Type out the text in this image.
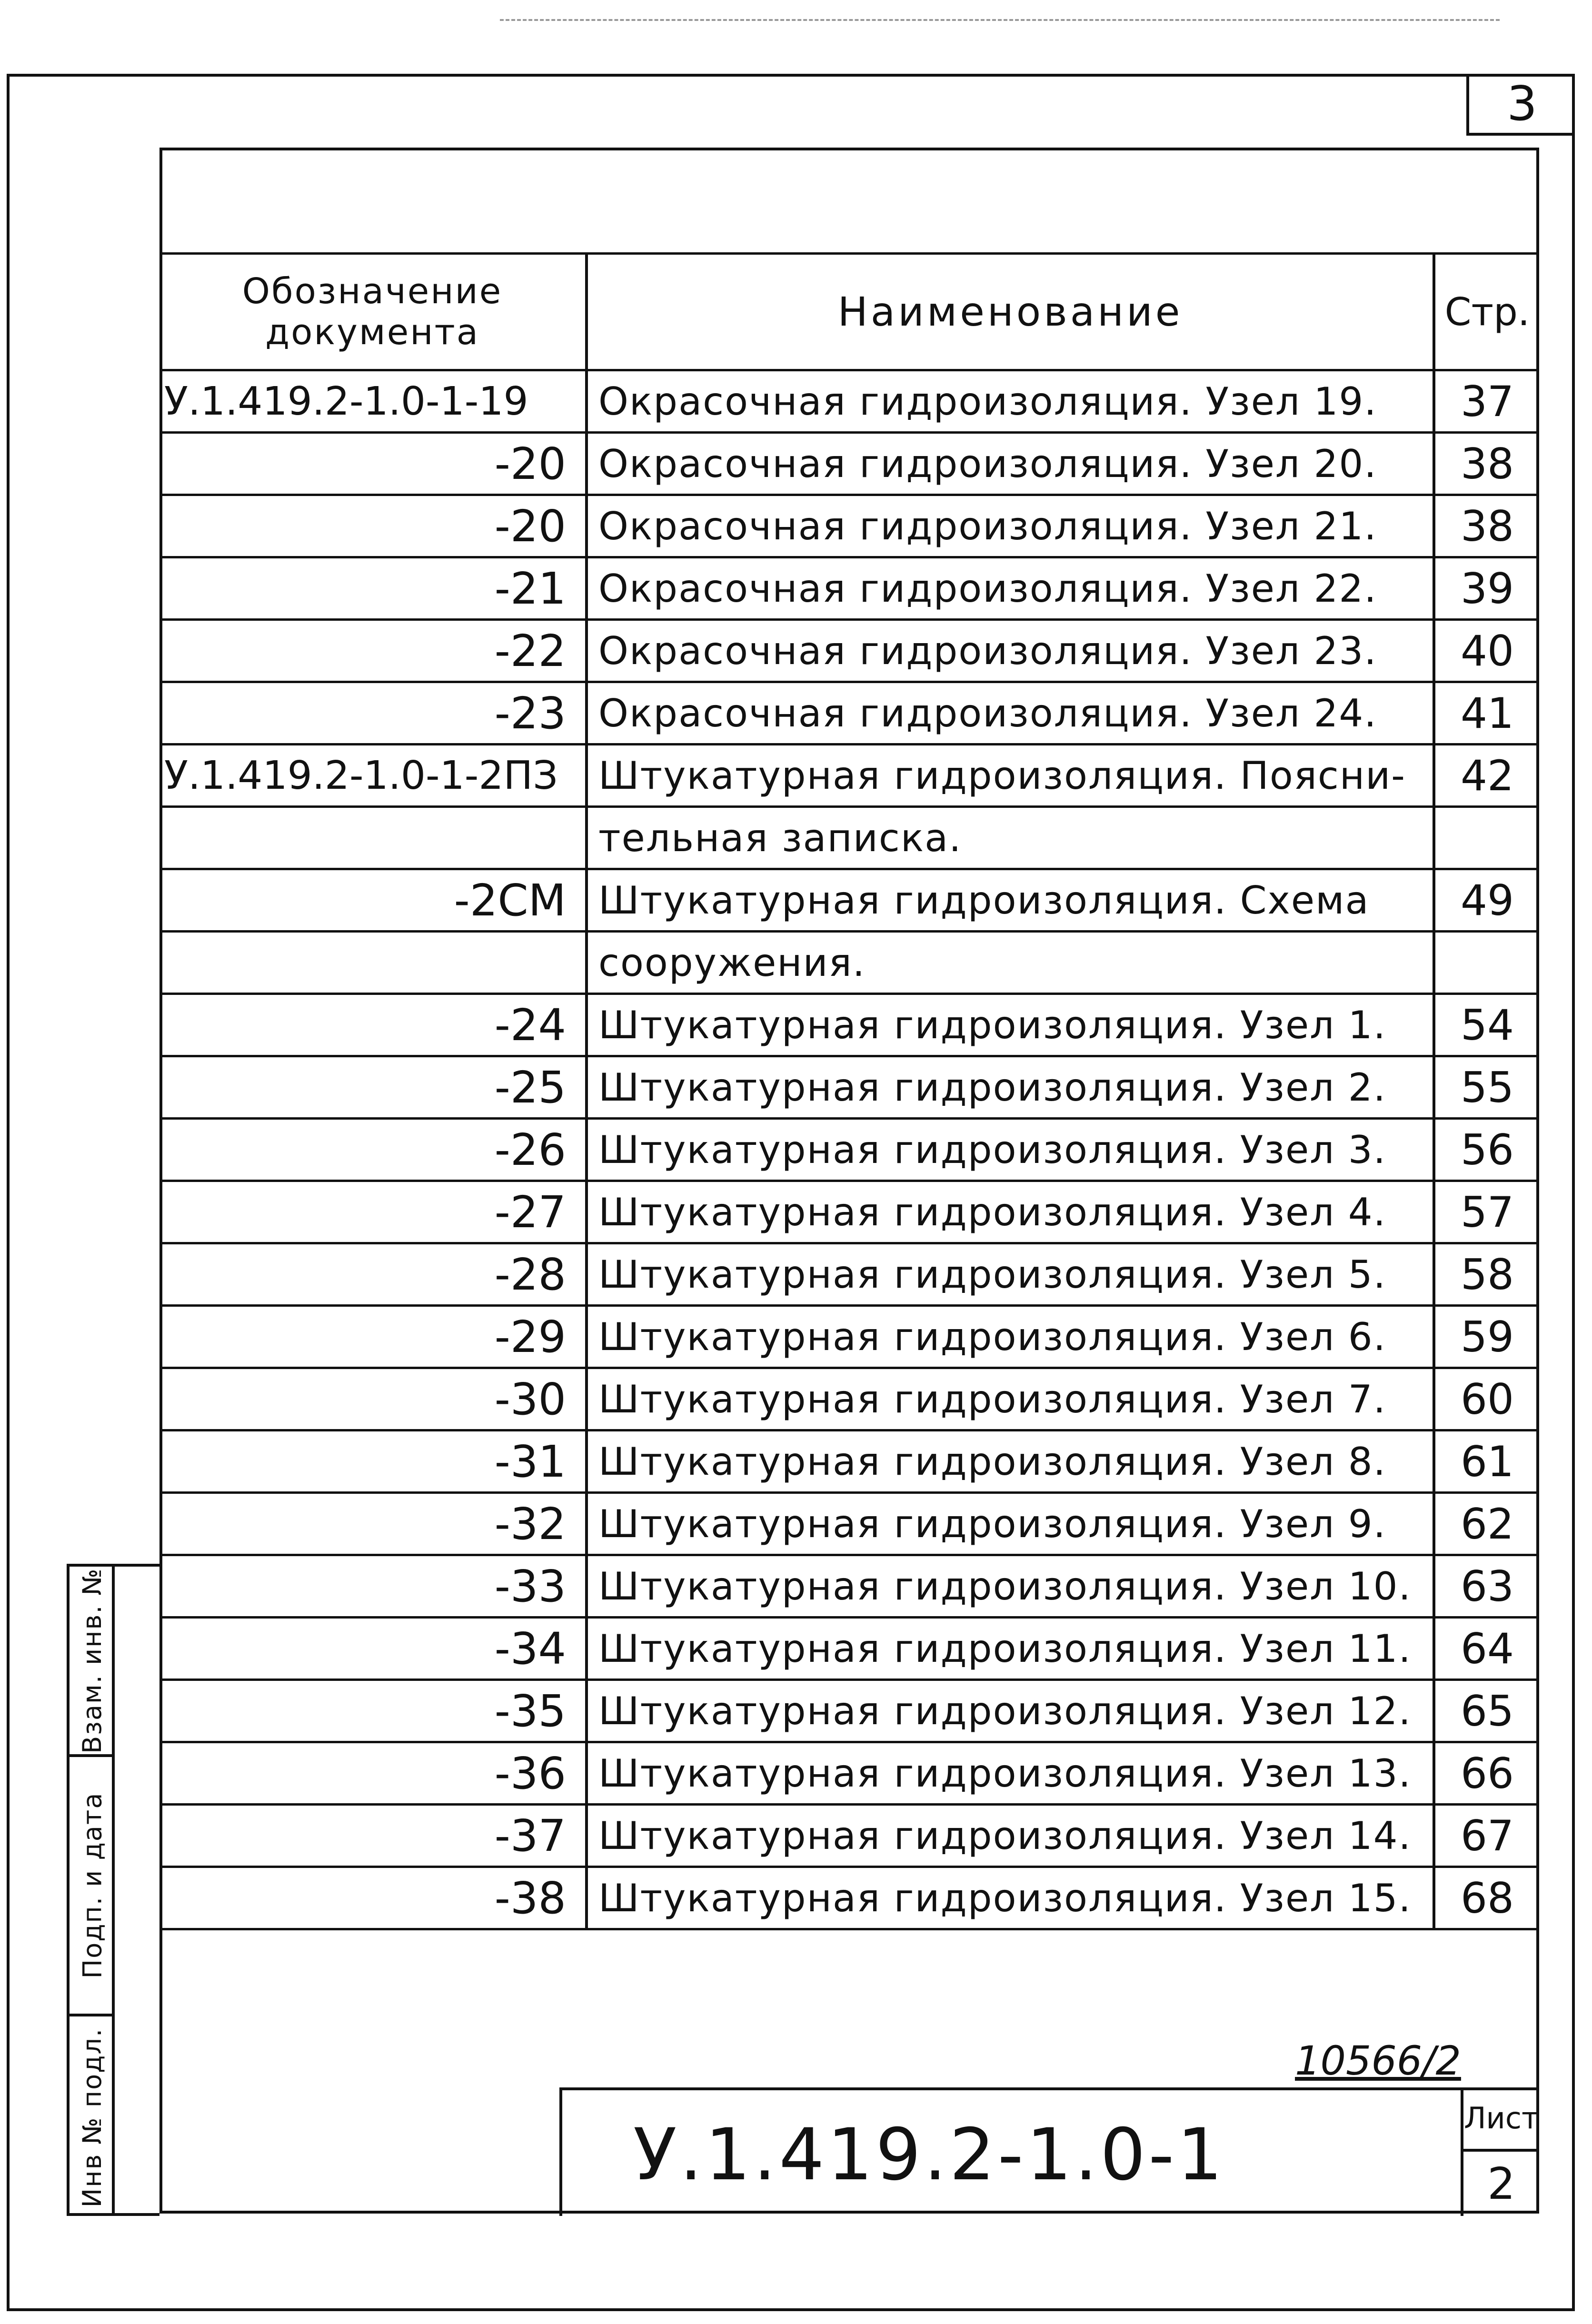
3
Обозначение
документа	Наименование	Стр.
У.1.419.2-1.0-1-19	Окрасочная гидроизоляция. Узел 19.	37
-20 Окрасочная гидроизоляция. Узел 20.	38
-20 Окрасочная гидроизоляция. Узел 21.	38
-21 Окрасочная гидроизоляция. Узел 22.	39
-22 Окрасочная гидроизоляция. Узел 23.	40
-23 Окрасочная гидроизоляция. Узел 24.	41
У.1.419.2-1.0-1-2ПЗ	Штукатурная гидроизоляция. Поясни-	42
тельная записка.
-2СМ Штукатурная гидроизоляция. Схема	49
сооружения.
-24 Штукатурная гидроизоляция. Узел 1.	54
-25 Штукатурная гидроизоляция. Узел 2.	55
-26 Штукатурная гидроизоляция. Узел 3.	56
-27 Штукатурная гидроизоляция. Узел 4.	57
-28 Штукатурная гидроизоляция. Узел 5.	58
-29 Штукатурная гидроизоляция. Узел 6.	59
-30 Штукатурная гидроизоляция. Узел 7.	60
-31 Штукатурная гидроизоляция. Узел 8.	61
-32 Штукатурная гидроизоляция. Узел 9.	62
-33 Штукатурная гидроизоляция. Узел 10.	63
-34 Штукатурная гидроизоляция. Узел 11.	64
-35 Штукатурная гидроизоляция. Узел 12.	65
-36 Штукатурная гидроизоляция. Узел 13.	66
-37 Штукатурная гидроизоляция. Узел 14.	67
-38 Штукатурная гидроизоляция. Узел 15.	68
Взам. инв. №
Подп. и дата
Инв № подл.	У.1.419.2-1.0-1	Лист
2
10566/2
